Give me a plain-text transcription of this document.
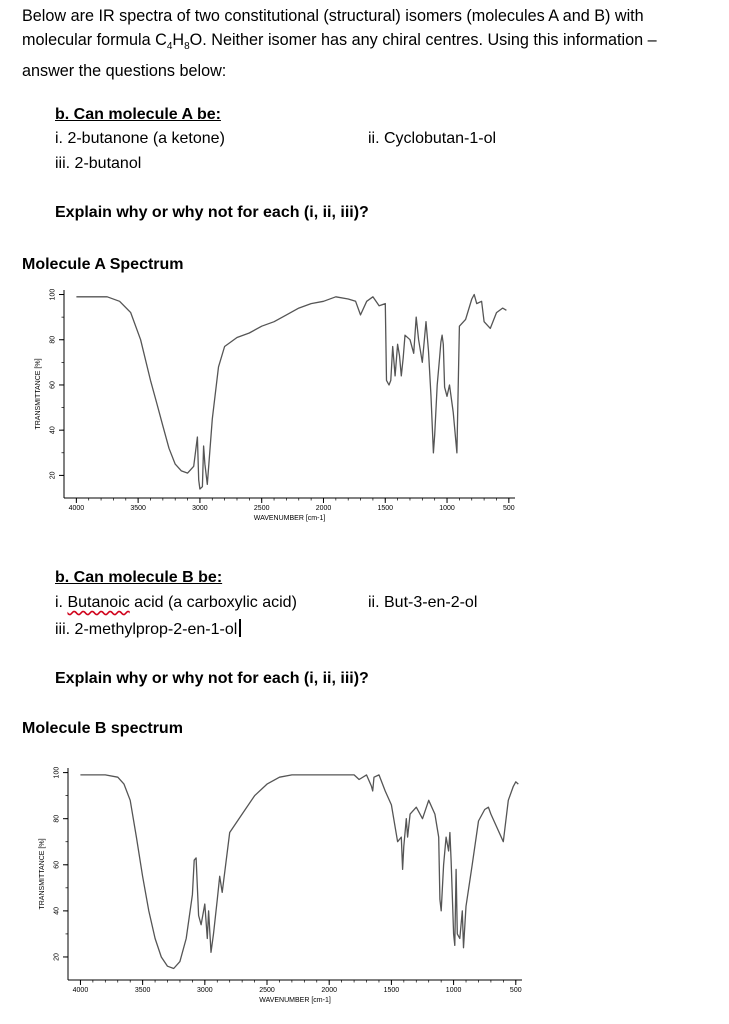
Below are IR spectra of two constitutional (structural) isomers (molecules A and B) with
molecular formula $C_4H_8O$. Neither isomer has any chiral centres. Using this information –
answer the questions below:
b. Can molecule A be:
i. 2-butanone (a ketone)	ii. Cyclobutan-1-ol
iii. 2-butanol
Explain why or why not for each (i, ii, iii)?
Molecule A Spectrum
4000	3500	3000	2500	2000	1500	1000	500
20
40
60
80
100
WAVENUMBER [cm-1]
TRANSMITTANCE [%]
b. Can molecule B be:
i. Butanoic acid (a carboxylic acid)	ii. But-3-en-2-ol
iii. 2-methylprop-2-en-1-ol
Explain why or why not for each (i, ii, iii)?
Molecule B spectrum
4000	3500	3000	2500	2000	1500	1000	500
20
40
60
80
100
WAVENUMBER [cm-1]
TRANSMITTANCE [%]
